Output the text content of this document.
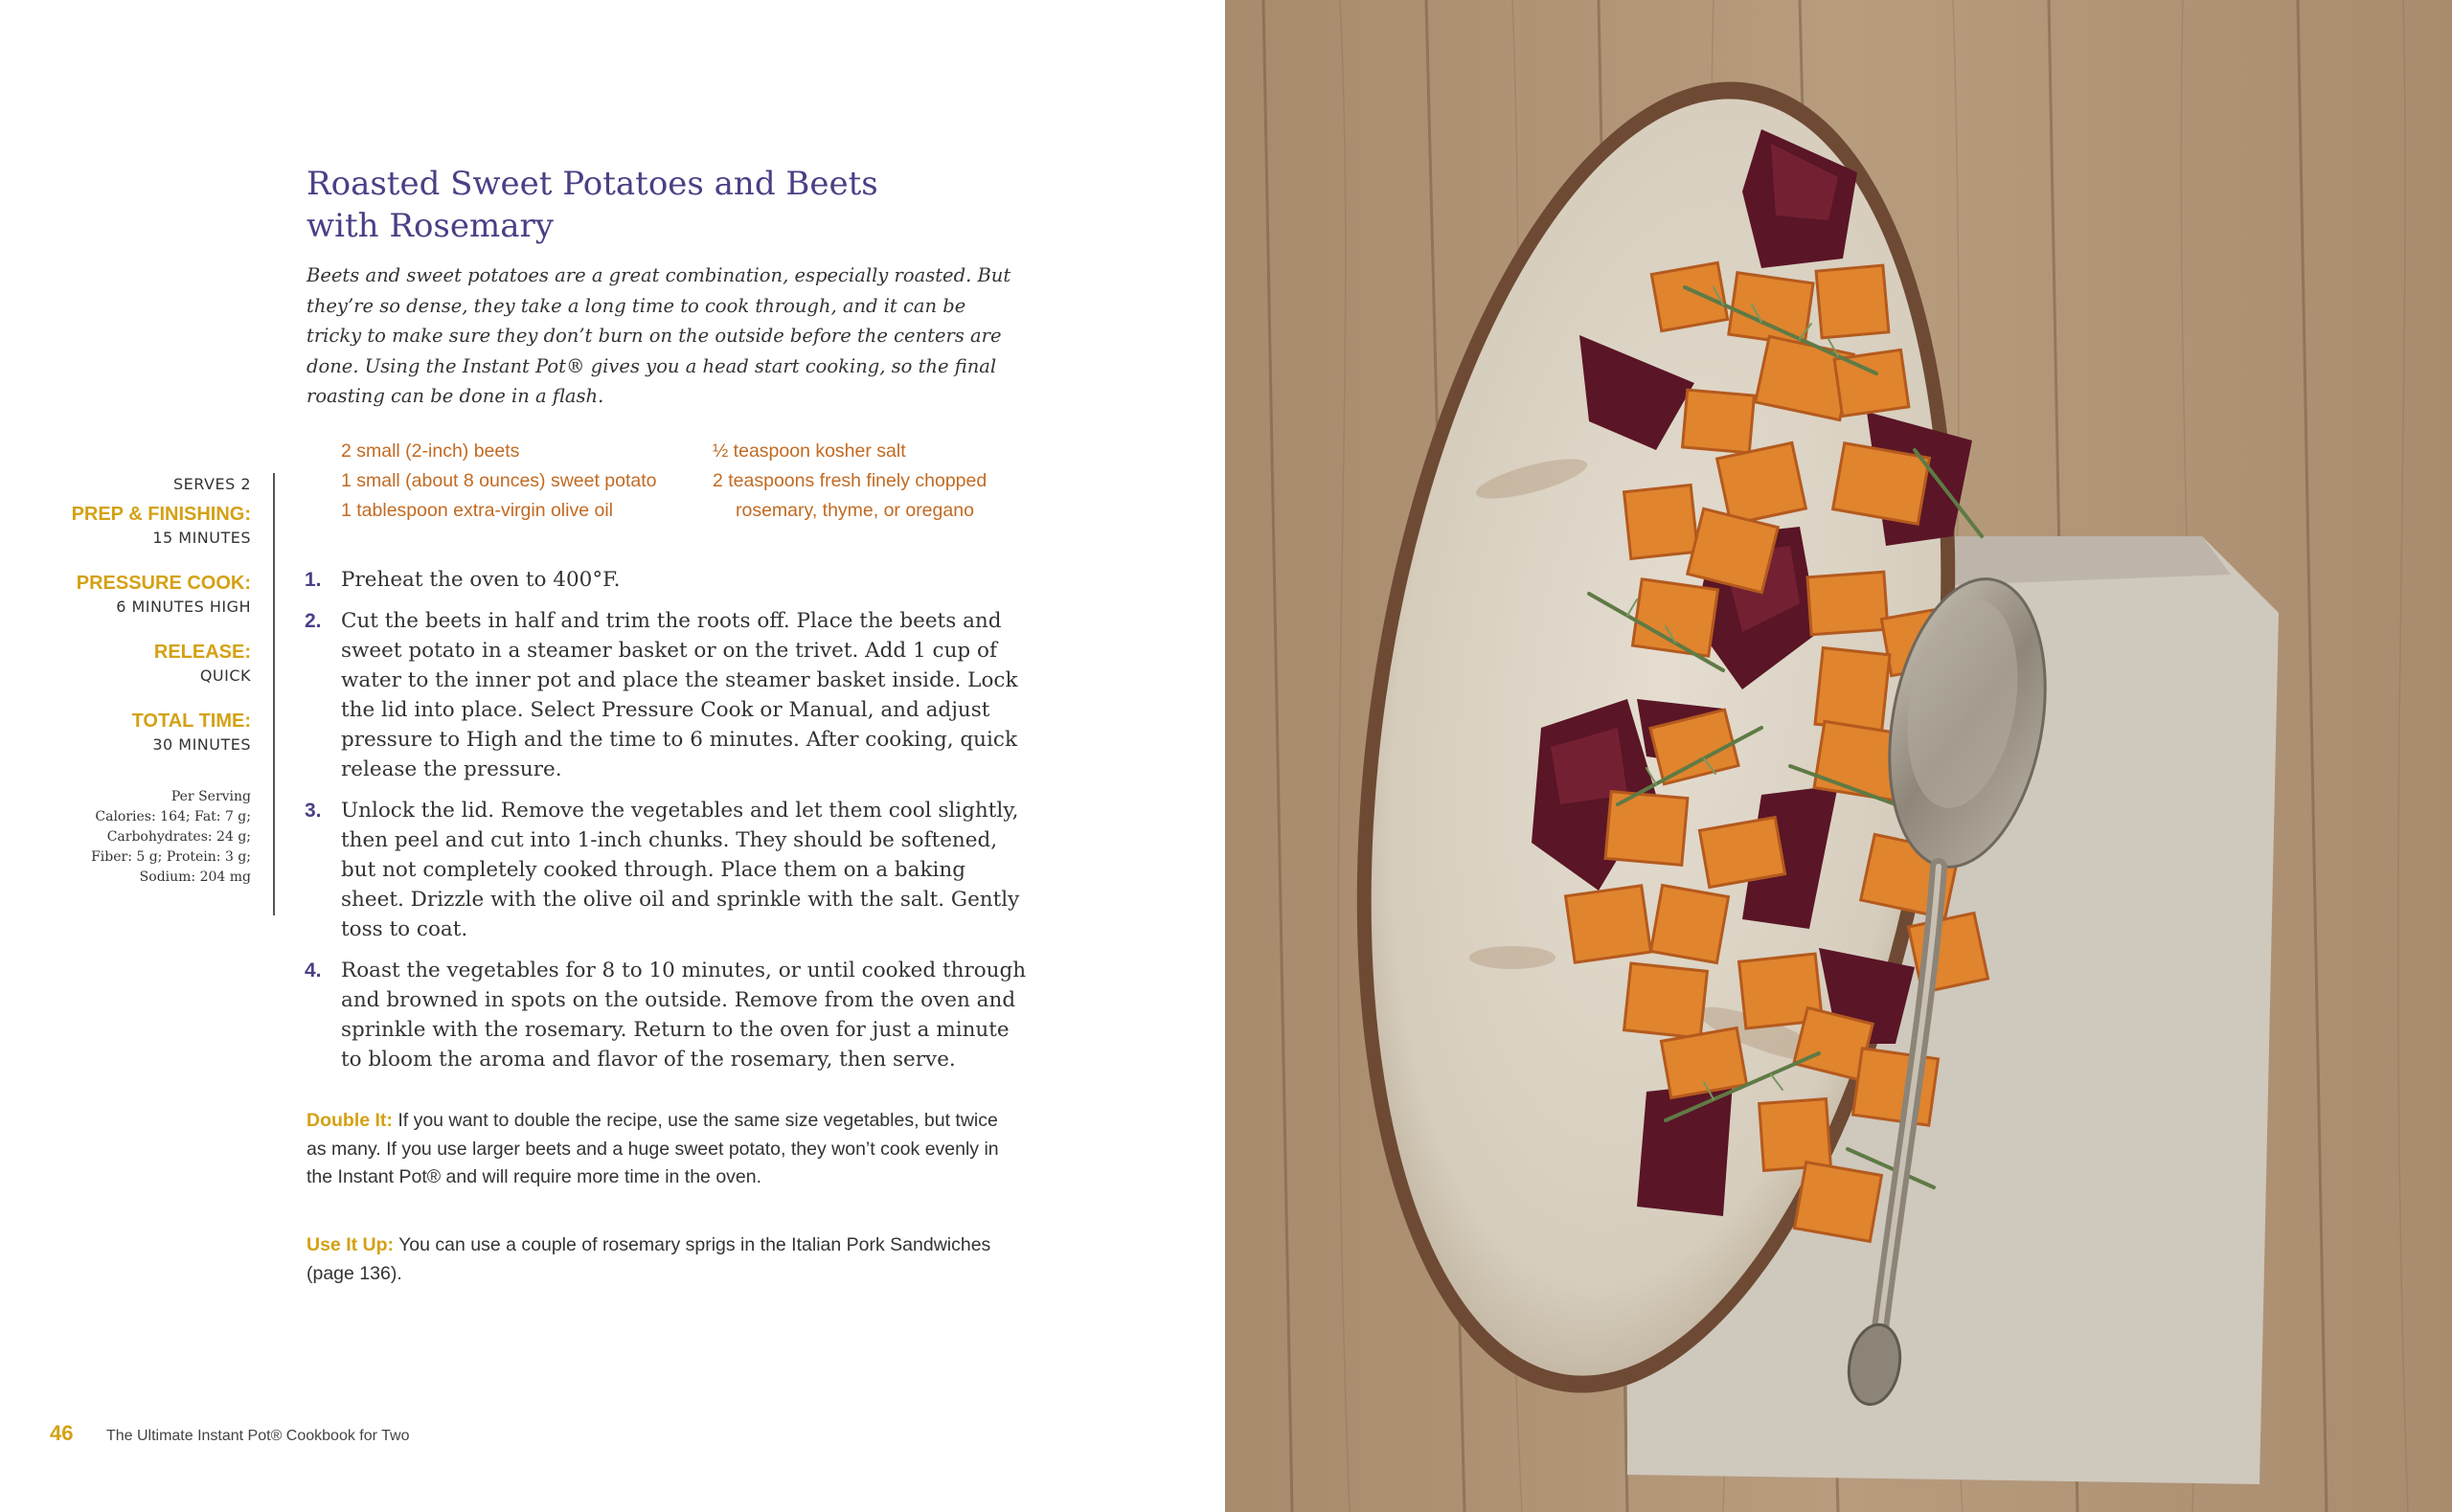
Roasted Sweet Potatoes and Beets
with Rosemary

Beets and sweet potatoes are a great combination, especially roasted. But they’re so dense, they take a long time to cook through, and it can be tricky to make sure they don’t burn on the outside before the centers are done. Using the Instant Pot® gives you a head start cooking, so the final roasting can be done in a flash.

2 small (2-inch) beets
1 small (about 8 ounces) sweet potato
1 tablespoon extra-virgin olive oil
½ teaspoon kosher salt
2 teaspoons fresh finely chopped rosemary, thyme, or oregano

SERVES 2

PREP & FINISHING:

15 MINUTES

PRESSURE COOK:

6 MINUTES HIGH

RELEASE:

QUICK

TOTAL TIME:

30 MINUTES

Per Serving
Calories: 164; Fat: 7 g;
Carbohydrates: 24 g;
Fiber: 5 g; Protein: 3 g;
Sodium: 204 mg
1. Preheat the oven to 400°F.
2. Cut the beets in half and trim the roots off. Place the beets and sweet potato in a steamer basket or on the trivet. Add 1 cup of water to the inner pot and place the steamer basket inside. Lock the lid into place. Select Pressure Cook or Manual, and adjust pressure to High and the time to 6 minutes. After cooking, quick release the pressure.
3. Unlock the lid. Remove the vegetables and let them cool slightly, then peel and cut into 1-inch chunks. They should be softened, but not completely cooked through. Place them on a baking sheet. Drizzle with the olive oil and sprinkle with the salt. Gently toss to coat.
4. Roast the vegetables for 8 to 10 minutes, or until cooked through and browned in spots on the outside. Remove from the oven and sprinkle with the rosemary. Return to the oven for just a minute to bloom the aroma and flavor of the rosemary, then serve.

Double It: If you want to double the recipe, use the same size vegetables, but twice as many. If you use larger beets and a huge sweet potato, they won’t cook evenly in the Instant Pot® and will require more time in the oven.

Use It Up: You can use a couple of rosemary sprigs in the Italian Pork Sandwiches (page 136).

46 The Ultimate Instant Pot® Cookbook for Two
